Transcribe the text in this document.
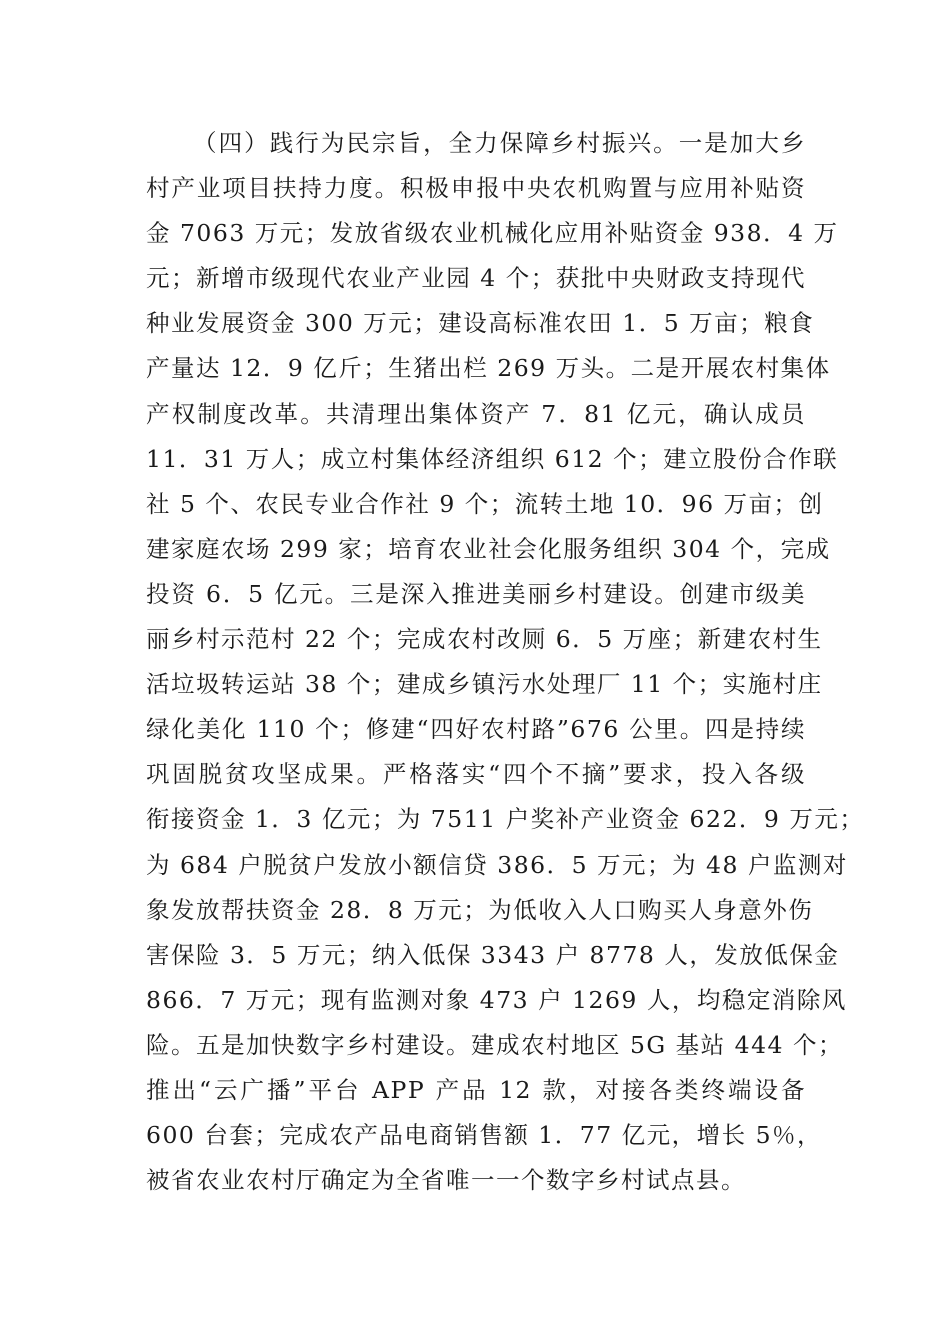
（四）践行为民宗旨，全力保障乡村振兴。一是加大乡
村产业项目扶持力度。积极申报中央农机购置与应用补贴资
金 7063 万元；发放省级农业机械化应用补贴资金 938．4 万
元；新增市级现代农业产业园 4 个；获批中央财政支持现代
种业发展资金 300 万元；建设高标准农田 1．5 万亩；粮食
产量达 12．9 亿斤；生猪出栏 269 万头。二是开展农村集体
产权制度改革。共清理出集体资产 7．81 亿元，确认成员
11．31 万人；成立村集体经济组织 612 个；建立股份合作联
社 5 个、农民专业合作社 9 个；流转土地 10．96 万亩；创
建家庭农场 299 家；培育农业社会化服务组织 304 个，完成
投资 6．5 亿元。三是深入推进美丽乡村建设。创建市级美
丽乡村示范村 22 个；完成农村改厕 6．5 万座；新建农村生
活垃圾转运站 38 个；建成乡镇污水处理厂 11 个；实施村庄
绿化美化 110 个；修建“四好农村路”676 公里。四是持续
巩固脱贫攻坚成果。严格落实“四个不摘”要求，投入各级
衔接资金 1．3 亿元；为 7511 户奖补产业资金 622．9 万元；
为 684 户脱贫户发放小额信贷 386．5 万元；为 48 户监测对
象发放帮扶资金 28．8 万元；为低收入人口购买人身意外伤
害保险 3．5 万元；纳入低保 3343 户 8778 人，发放低保金
866．7 万元；现有监测对象 473 户 1269 人，均稳定消除风
险。五是加快数字乡村建设。建成农村地区 5G 基站 444 个；
推出“云广播”平台 APP 产品 12 款，对接各类终端设备
600 台套；完成农产品电商销售额 1．77 亿元，增长 5％，
被省农业农村厅确定为全省唯一一个数字乡村试点县。
